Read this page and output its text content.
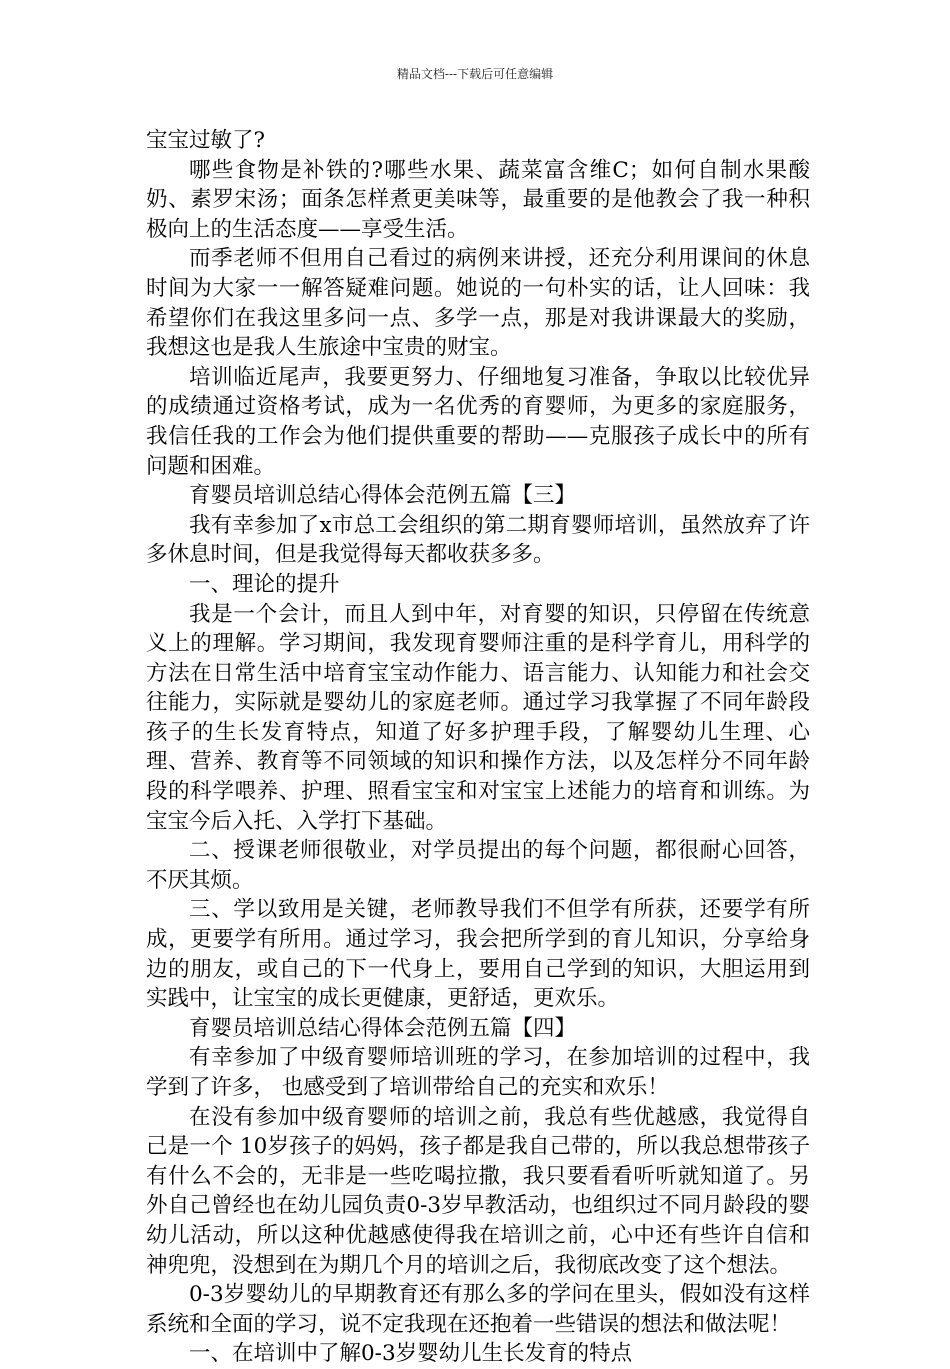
精品文档---下载后可任意编辑

宝宝过敏了?

哪些食物是补铁的?哪些水果、蔬菜富含维C；如何自制水果酸奶、素罗宋汤；面条怎样煮更美味等，最重要的是他教会了我一种积极向上的生活态度——享受生活。

而季老师不但用自己看过的病例来讲授，还充分利用课间的休息时间为大家一一解答疑难问题。她说的一句朴实的话，让人回味：我希望你们在我这里多问一点、多学一点，那是对我讲课最大的奖励，我想这也是我人生旅途中宝贵的财宝。

培训临近尾声，我要更努力、仔细地复习准备，争取以比较优异的成绩通过资格考试，成为一名优秀的育婴师，为更多的家庭服务，我信任我的工作会为他们提供重要的帮助——克服孩子成长中的所有问题和困难。

育婴员培训总结心得体会范例五篇【三】

我有幸参加了x市总工会组织的第二期育婴师培训，虽然放弃了许多休息时间，但是我觉得每天都收获多多。

一、理论的提升

我是一个会计，而且人到中年，对育婴的知识，只停留在传统意义上的理解。学习期间，我发现育婴师注重的是科学育儿，用科学的方法在日常生活中培育宝宝动作能力、语言能力、认知能力和社会交往能力，实际就是婴幼儿的家庭老师。通过学习我掌握了不同年龄段孩子的生长发育特点，知道了好多护理手段，了解婴幼儿生理、心理、营养、教育等不同领域的知识和操作方法，以及怎样分不同年龄段的科学喂养、护理、照看宝宝和对宝宝上述能力的培育和训练。为宝宝今后入托、入学打下基础。

二、授课老师很敬业，对学员提出的每个问题，都很耐心回答，不厌其烦。

三、学以致用是关键，老师教导我们不但学有所获，还要学有所成，更要学有所用。通过学习，我会把所学到的育儿知识，分享给身边的朋友，或自己的下一代身上，要用自己学到的知识，大胆运用到实践中，让宝宝的成长更健康，更舒适，更欢乐。

育婴员培训总结心得体会范例五篇【四】

有幸参加了中级育婴师培训班的学习，在参加培训的过程中，我学到了许多， 也感受到了培训带给自己的充实和欢乐！

在没有参加中级育婴师的培训之前，我总有些优越感，我觉得自己是一个 10岁孩子的妈妈，孩子都是我自己带的，所以我总想带孩子有什么不会的，无非是一些吃喝拉撒，我只要看看听听就知道了。另外自己曾经也在幼儿园负责0-3岁早教活动，也组织过不同月龄段的婴幼儿活动，所以这种优越感使得我在培训之前，心中还有些许自信和神兜兜，没想到在为期几个月的培训之后，我彻底改变了这个想法。

0-3岁婴幼儿的早期教育还有那么多的学问在里头，假如没有这样系统和全面的学习，说不定我现在还抱着一些错误的想法和做法呢！

一、在培训中了解0-3岁婴幼儿生长发育的特点
